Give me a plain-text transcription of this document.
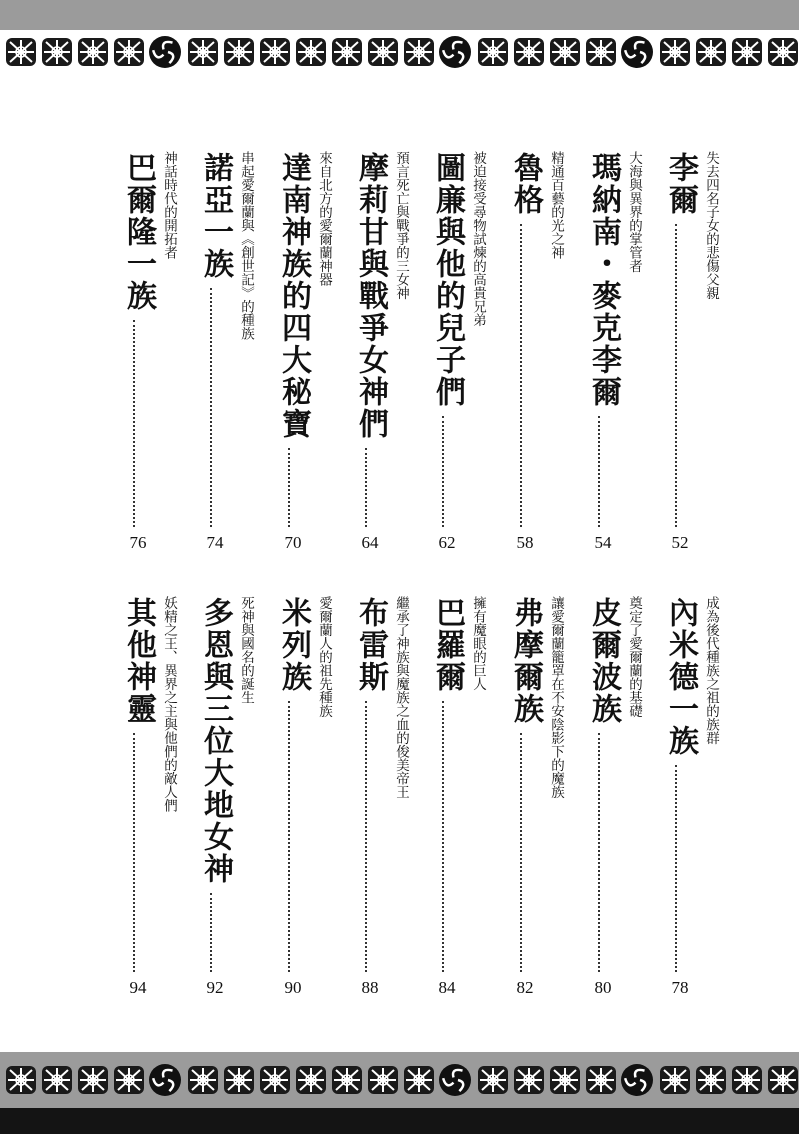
李爾 失去四名子女的悲傷父親
52
瑪納南・麥克李爾 大海與異界的掌管者
54
魯格 精通百藝的光之神
58
圖廉與他的兒子們 被迫接受尋物試煉的高貴兄弟
62
摩莉甘與戰爭女神們 預言死亡與戰爭的三女神
64
達南神族的四大秘寶 來自北方的愛爾蘭神器
70
諾亞一族 串起愛爾蘭與《創世記》的種族
74
巴爾隆一族 神話時代的開拓者
76
內米德一族 成為後代種族之祖的族群
78
皮爾波族 奠定了愛爾蘭的基礎
80
弗摩爾族 讓愛爾蘭籠罩在不安陰影下的魔族
82
巴羅爾 擁有魔眼的巨人
84
布雷斯 繼承了神族與魔族之血的俊美帝王
88
米列族 愛爾蘭人的祖先種族
90
多恩與三位大地女神 死神與國名的誕生
92
其他神靈 妖精之王、異界之主與他們的敵人們
94
